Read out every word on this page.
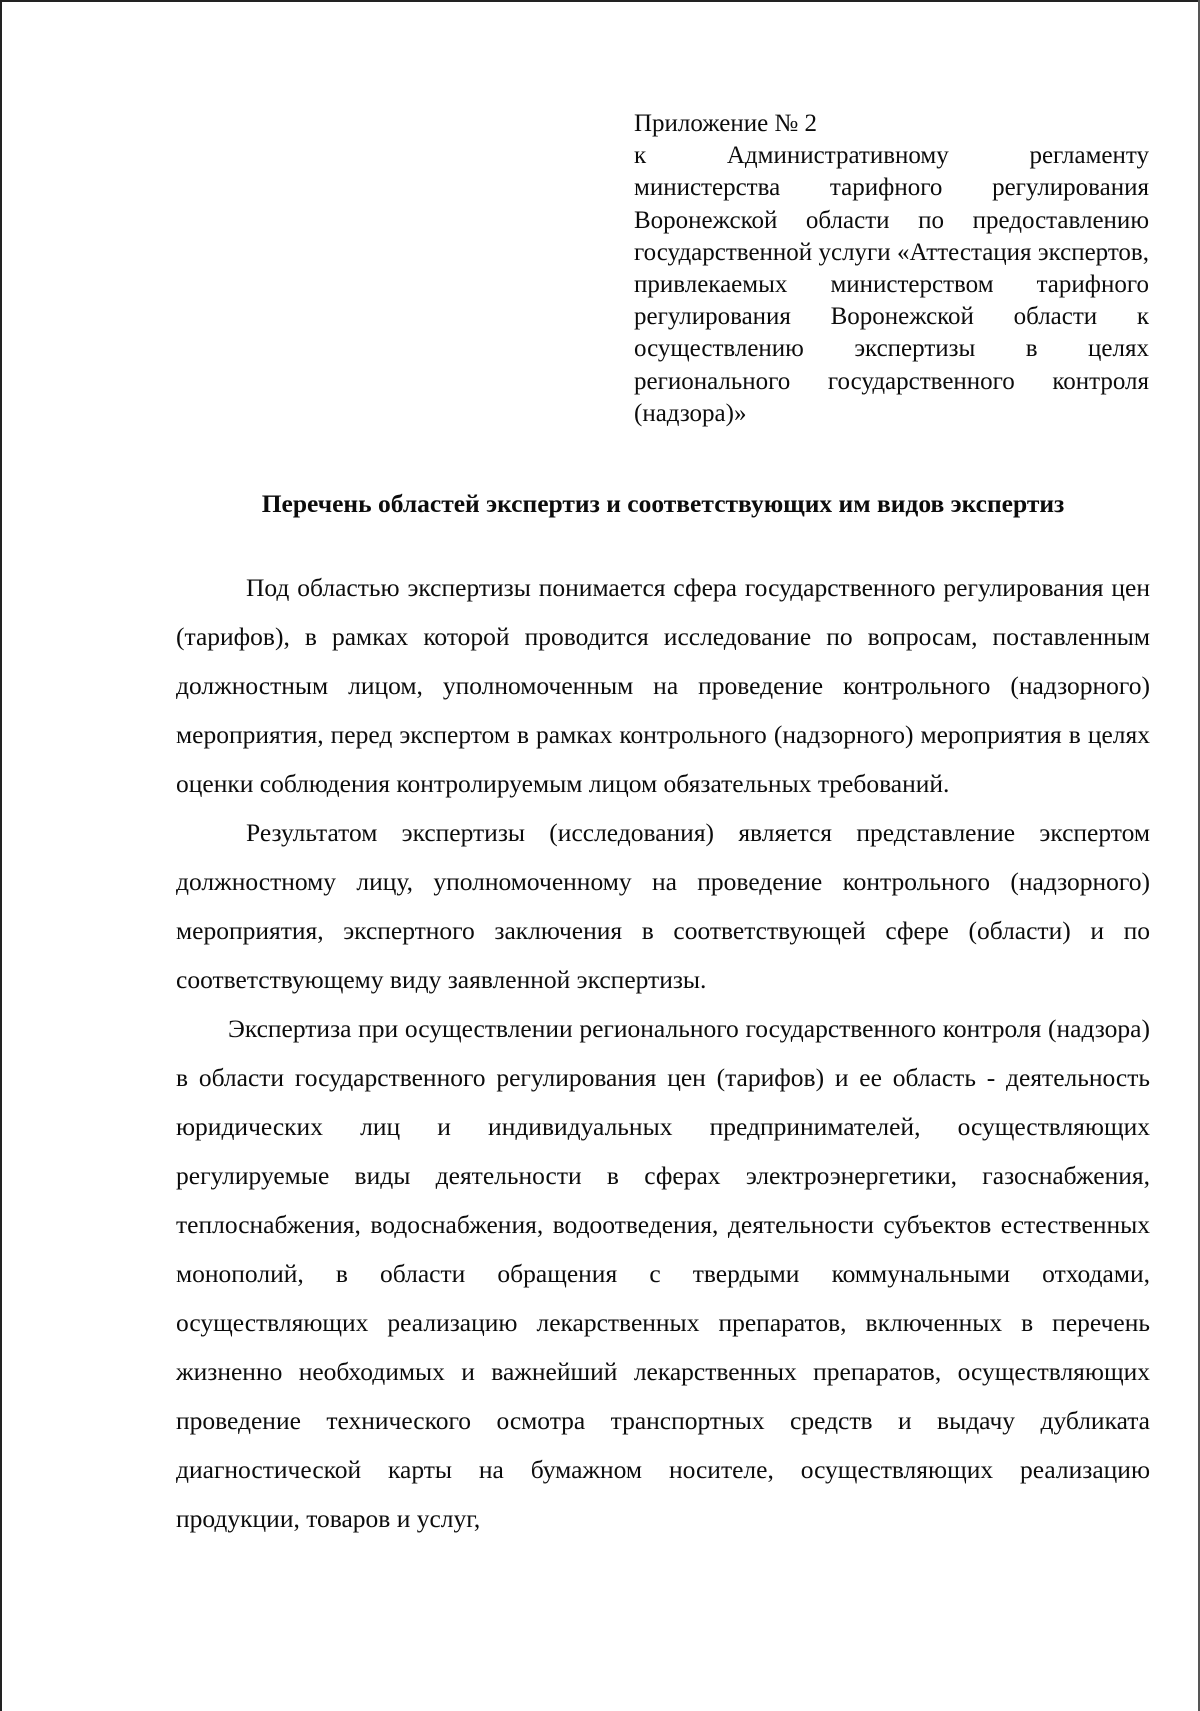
Приложение № 2
к Административному регламенту министерства тарифного регулирования Воронежской области по предоставлению государственной услуги «Аттестация экспертов, привлекаемых министерством тарифного регулирования Воронежской области к осуществлению экспертизы в целях регионального государственного контроля (надзора)»
Перечень областей экспертиз и соответствующих им видов экспертиз

Под областью экспертизы понимается сфера государственного регулирования цен (тарифов), в рамках которой проводится исследование по вопросам, поставленным должностным лицом, уполномоченным на проведение контрольного (надзорного) мероприятия, перед экспертом в рамках контрольного (надзорного) мероприятия в целях оценки соблюдения контролируемым лицом обязательных требований.

Результатом экспертизы (исследования) является представление экспертом должностному лицу, уполномоченному на проведение контрольного (надзорного) мероприятия, экспертного заключения в соответствующей сфере (области) и по соответствующему виду заявленной экспертизы.

Экспертиза при осуществлении регионального государственного контроля (надзора) в области государственного регулирования цен (тарифов) и ее область - деятельность юридических лиц и индивидуальных предпринимателей, осуществляющих регулируемые виды деятельности в сферах электроэнергетики, газоснабжения, теплоснабжения, водоснабжения, водоотведения, деятельности субъектов естественных монополий, в области обращения с твердыми коммунальными отходами, осуществляющих реализацию лекарственных препаратов, включенных в перечень жизненно необходимых и важнейший лекарственных препаратов, осуществляющих проведение технического осмотра транспортных средств и выдачу дубликата диагностической карты на бумажном носителе, осуществляющих реализацию продукции, товаров и услуг,
